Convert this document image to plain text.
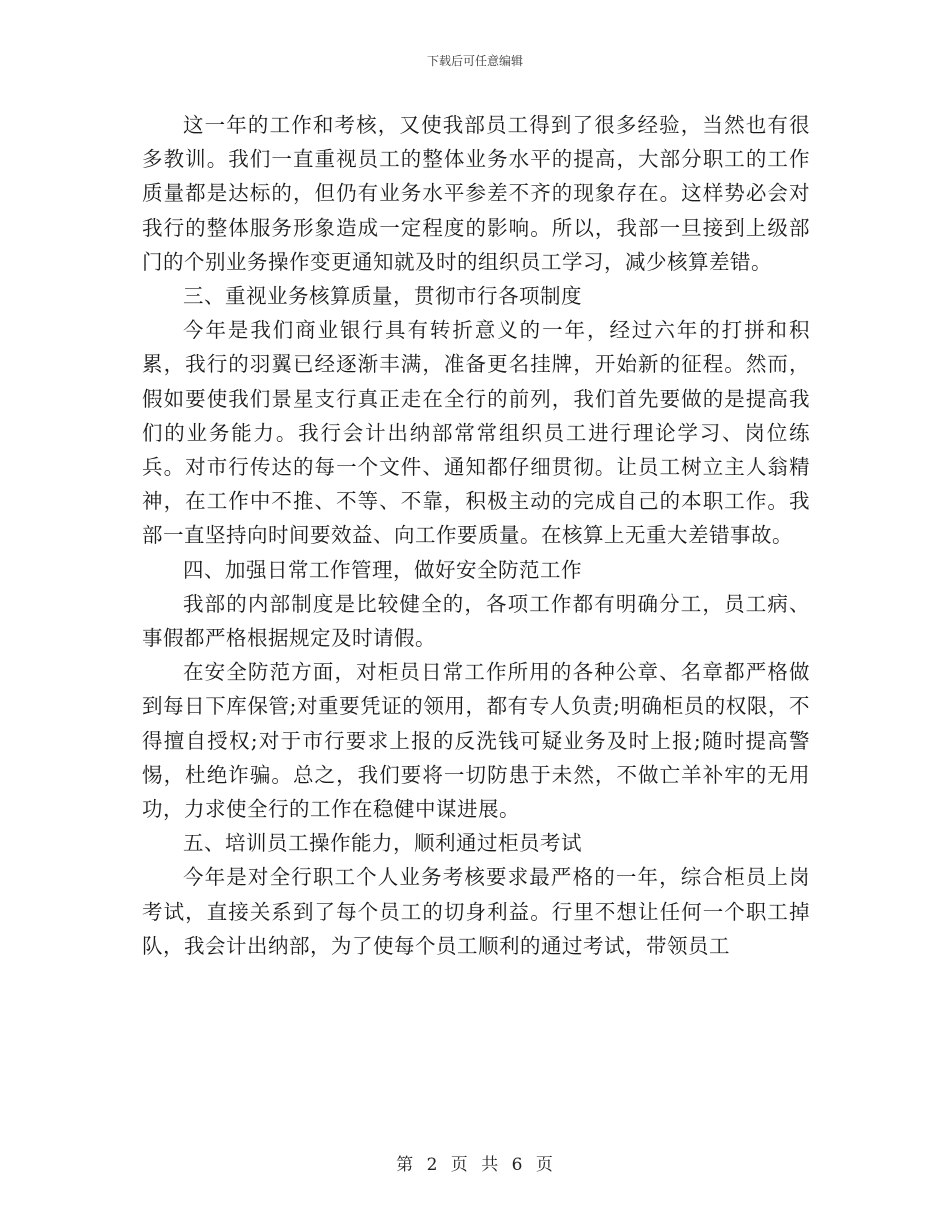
下载后可任意编辑

这一年的工作和考核，又使我部员工得到了很多经验，当然也有很多教训。我们一直重视员工的整体业务水平的提高，大部分职工的工作质量都是达标的，但仍有业务水平参差不齐的现象存在。这样势必会对我行的整体服务形象造成一定程度的影响。所以，我部一旦接到上级部门的个别业务操作变更通知就及时的组织员工学习，减少核算差错。

三、重视业务核算质量，贯彻市行各项制度

今年是我们商业银行具有转折意义的一年，经过六年的打拼和积累，我行的羽翼已经逐渐丰满，准备更名挂牌，开始新的征程。然而，假如要使我们景星支行真正走在全行的前列，我们首先要做的是提高我们的业务能力。我行会计出纳部常常组织员工进行理论学习、岗位练兵。对市行传达的每一个文件、通知都仔细贯彻。让员工树立主人翁精神，在工作中不推、不等、不靠，积极主动的完成自己的本职工作。我部一直坚持向时间要效益、向工作要质量。在核算上无重大差错事故。

四、加强日常工作管理，做好安全防范工作

我部的内部制度是比较健全的，各项工作都有明确分工，员工病、事假都严格根据规定及时请假。

在安全防范方面，对柜员日常工作所用的各种公章、名章都严格做到每日下库保管;对重要凭证的领用，都有专人负责;明确柜员的权限，不得擅自授权;对于市行要求上报的反洗钱可疑业务及时上报;随时提高警惕，杜绝诈骗。总之，我们要将一切防患于未然，不做亡羊补牢的无用功，力求使全行的工作在稳健中谋进展。

五、培训员工操作能力，顺利通过柜员考试

今年是对全行职工个人业务考核要求最严格的一年，综合柜员上岗考试，直接关系到了每个员工的切身利益。行里不想让任何一个职工掉队，我会计出纳部，为了使每个员工顺利的通过考试，带领员工

第 2 页 共 6 页
